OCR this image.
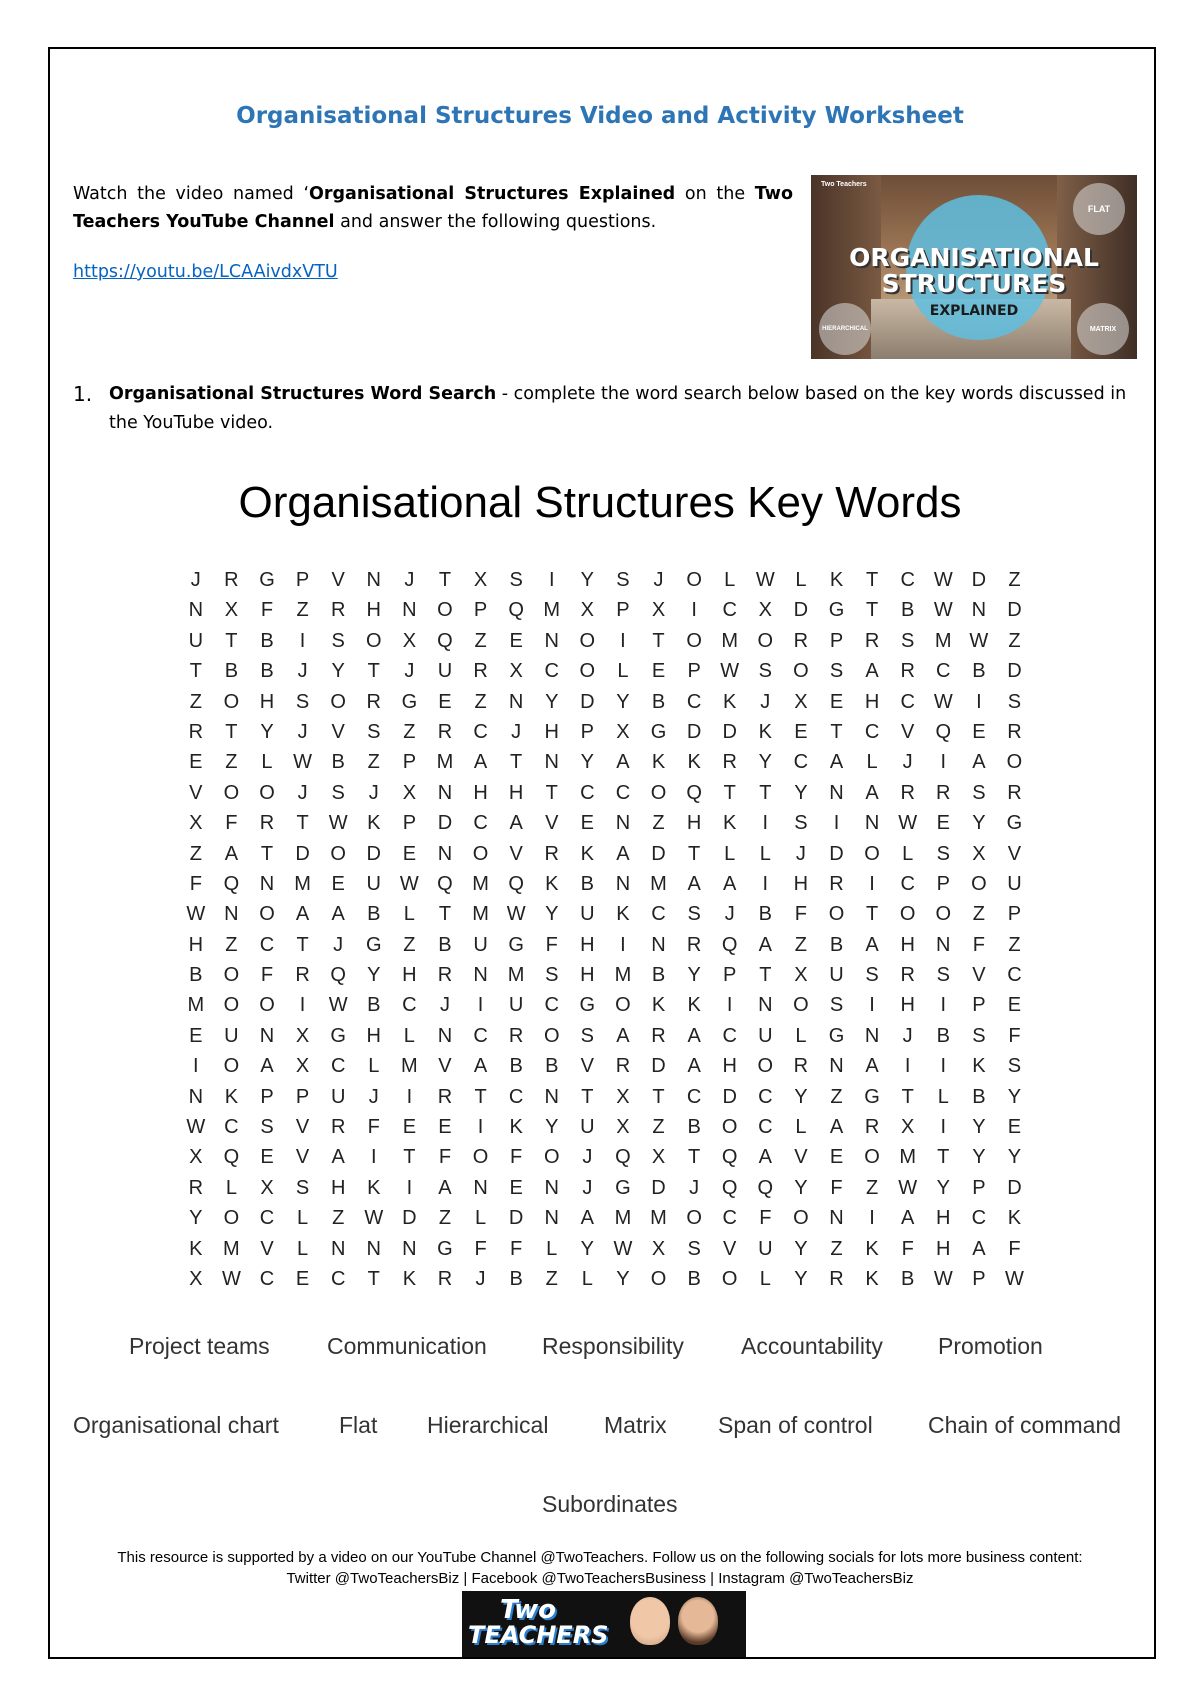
Organisational Structures Video and Activity Worksheet
Watch the video named ‘Organisational Structures Explained on the Two Teachers YouTube Channel and answer the following questions.
https://youtu.be/LCAAivdxVTU
FLAT
HIERARCHICAL	MATRIX
Two Teachers
ORGANISATIONAL
STRUCTURES
EXPLAINED
1. Organisational Structures Word Search - complete the word search below based on the key words discussed in the YouTube video.
Organisational Structures Key Words
J	R	G	P	V	N	J	T	X	S	I	Y	S	J	O	L	W	L	K	T	C W D	Z
N	X	F	Z	R	H	N	O	P	Q M	X	P	X	I	C	X	D	G	T	B W N	D
U	T	B	I	S	O	X	Q	Z	E	N	O	I	T	O M O	R	P	R	S	M W	Z
T	B	B	J	Y	T	J	U	R	X	C	O	L	E	P W S	O	S	A	R	C	B	D
Z	O	H	S	O	R	G	E	Z	N	Y	D	Y	B	C	K	J	X	E	H	C W	I	S
R	T	Y	J	V	S	Z	R	C	J	H	P	X	G	D	D	K	E	T	C	V	Q	E	R
E	Z	L	W B	Z	P	M	A	T	N	Y	A	K	K	R	Y	C	A	L	J	I	A	O
V	O	O	J	S	J	X	N	H	H	T	C	C	O	Q	T	T	Y	N	A	R	R	S	R
X	F	R	T	W K	P	D	C	A	V	E	N	Z	H	K	I	S	I	N W E	Y	G
Z	A	T	D	O	D	E	N	O	V	R	K	A	D	T	L	L	J	D	O	L	S	X	V
F	Q	N	M	E	U W Q M Q	K	B	N	M	A	A	I	H	R	I	C	P	O	U
W N	O	A	A	B	L	T	M W Y	U	K	C	S	J	B	F	O	T	O	O	Z	P
H	Z	C	T	J	G	Z	B	U	G	F	H	I	N	R	Q	A	Z	B	A	H	N	F	Z
B	O	F	R	Q	Y	H	R	N	M	S	H	M	B	Y	P	T	X	U	S	R	S	V	C
M O	O	I	W B	C	J	I	U	C	G	O	K	K	I	N	O	S	I	H	I	P	E
E	U	N	X	G	H	L	N	C	R	O	S	A	R	A	C	U	L	G	N	J	B	S	F
I	O	A	X	C	L	M	V	A	B	B	V	R	D	A	H	O	R	N	A	I	I	K	S
N	K	P	P	U	J	I	R	T	C	N	T	X	T	C	D	C	Y	Z	G	T	L	B	Y
W C	S	V	R	F	E	E	I	K	Y	U	X	Z	B	O	C	L	A	R	X	I	Y	E
X	Q	E	V	A	I	T	F	O	F	O	J	Q	X	T	Q	A	V	E	O M	T	Y	Y
R	L	X	S	H	K	I	A	N	E	N	J	G	D	J	Q	Q	Y	F	Z	W Y	P	D
Y	O	C	L	Z	W D	Z	L	D	N	A	M M O	C	F	O	N	I	A	H	C	K
K	M	V	L	N	N	N	G	F	F	L	Y W X	S	V	U	Y	Z	K	F	H	A	F
X W C	E	C	T	K	R	J	B	Z	L	Y	O	B	O	L	Y	R	K	B W P W
Project teams Communication Responsibility Accountability Promotion
Organisational chart	Flat Hierarchical Matrix Span of control Chain of command
Subordinates
This resource is supported by a video on our YouTube Channel @TwoTeachers. Follow us on the following socials for lots more business content:
Twitter @TwoTeachersBiz | Facebook @TwoTeachersBusiness | Instagram @TwoTeachersBiz
Two
TEACHERS
